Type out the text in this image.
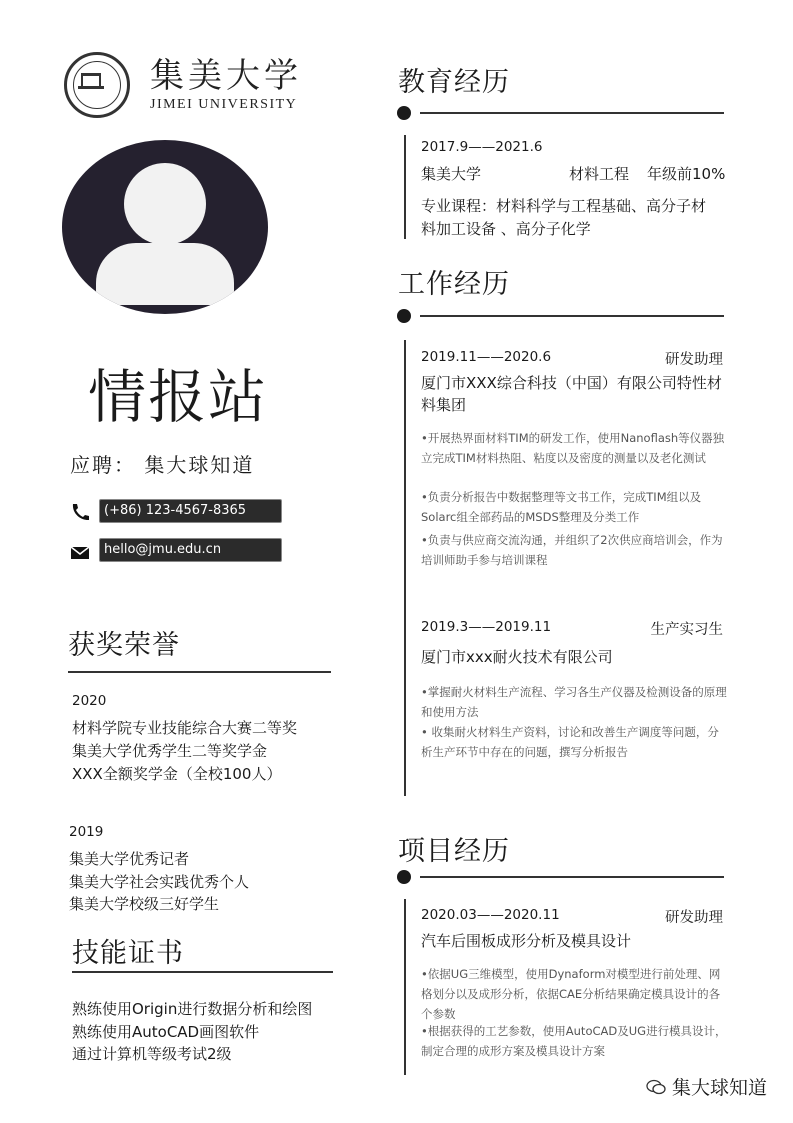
集美大学
JIMEI UNIVERSITY
情报站
应聘： 集大球知道
(+86) 123-4567-8365
hello@jmu.edu.cn
获奖荣誉
2020
材料学院专业技能综合大赛二等奖
集美大学优秀学生二等奖学金
XXX全额奖学金（全校100人）
2019
集美大学优秀记者
集美大学社会实践优秀个人
集美大学校级三好学生
技能证书
熟练使用Origin进行数据分析和绘图
熟练使用AutoCAD画图软件
通过计算机等级考试2级
教育经历
2017.9——2021.6
集美大学	材料工程 年级前10%
专业课程：材料科学与工程基础、高分子材料加工设备 、高分子化学
工作经历
2019.11——2020.6	研发助理
厦门市XXX综合科技（中国）有限公司特性材料集团
•开展热界面材料TIM的研发工作，使用Nanoflash等仪器独立完成TIM材料热阻、粘度以及密度的测量以及老化测试
•负责分析报告中数据整理等文书工作，完成TIM组以及Solarc组全部药品的MSDS整理及分类工作
•负责与供应商交流沟通，并组织了2次供应商培训会，作为培训师助手参与培训课程
2019.3——2019.11	生产实习生
厦门市xxx耐火技术有限公司
•掌握耐火材料生产流程、学习各生产仪器及检测设备的原理和使用方法
• 收集耐火材料生产资料，讨论和改善生产调度等问题，分析生产环节中存在的问题，撰写分析报告
项目经历
2020.03——2020.11	研发助理
汽车后围板成形分析及模具设计
•依据UG三维模型，使用Dynaform对模型进行前处理、网格划分以及成形分析，依据CAE分析结果确定模具设计的各个参数
•根据获得的工艺参数，使用AutoCAD及UG进行模具设计，制定合理的成形方案及模具设计方案
集大球知道
